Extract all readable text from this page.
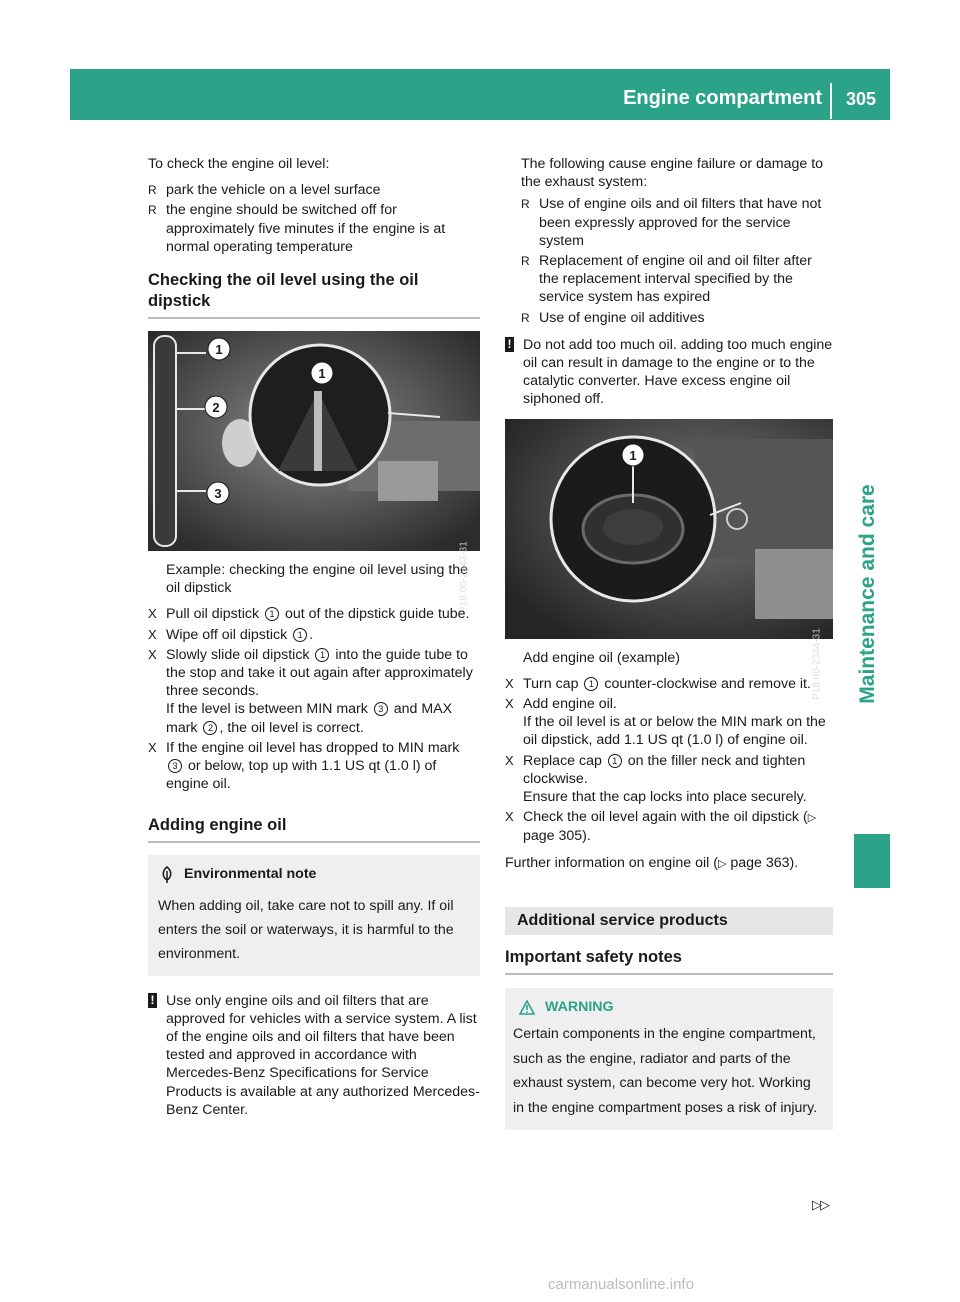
Engine compartment	305
Maintenance and care

To check the engine oil level:

R park the vehicle on a level surface
R the engine should be switched off for approximately five minutes if the engine is at normal operating temperature
Checking the oil level using the oil dipstick
1
2
3
1
P18.00-2343-31

Example: checking the engine oil level using the oil dipstick

X Pull oil dipstick 1 out of the dipstick guide tube.
X Wipe off oil dipstick 1 .
X Slowly slide oil dipstick 1 into the guide tube to the stop and take it out again after approximately three seconds.
If the level is between MIN mark 3 and MAX mark 2 , the oil level is correct.
X If the engine oil level has dropped to MIN mark 3 or below, top up with 1.1 US qt (1.0 l) of engine oil.
Adding engine oil
Environmental note

When adding oil, take care not to spill any. If oil enters the soil or waterways, it is harmful to the environment.

! Use only engine oils and oil filters that are approved for vehicles with a service system. A list of the engine oils and oil filters that have been tested and approved in accordance with Mercedes-Benz Specifications for Service Products is available at any authorized Mercedes-Benz Center.

The following cause engine failure or damage to the exhaust system:

R Use of engine oils and oil filters that have not been expressly approved for the service system
R Replacement of engine oil and oil filter after the replacement interval specified by the service system has expired
R Use of engine oil additives
! Do not add too much oil. adding too much engine oil can result in damage to the engine or to the catalytic converter. Have excess engine oil siphoned off.
1
P18.00-2344-31

Add engine oil (example)

X Turn cap 1 counter-clockwise and remove it.
X Add engine oil.
If the oil level is at or below the MIN mark on the oil dipstick, add 1.1 US qt (1.0 l) of engine oil.
X Replace cap 1 on the filler neck and tighten clockwise.
Ensure that the cap locks into place securely.
X Check the oil level again with the oil dipstick (▷ page 305).

Further information on engine oil (▷ page 363).

Additional service products
Important safety notes
WARNING

Certain components in the engine compartment, such as the engine, radiator and parts of the exhaust system, can become very hot. Working in the engine compartment poses a risk of injury.

▷▷
carmanualsonline.info
